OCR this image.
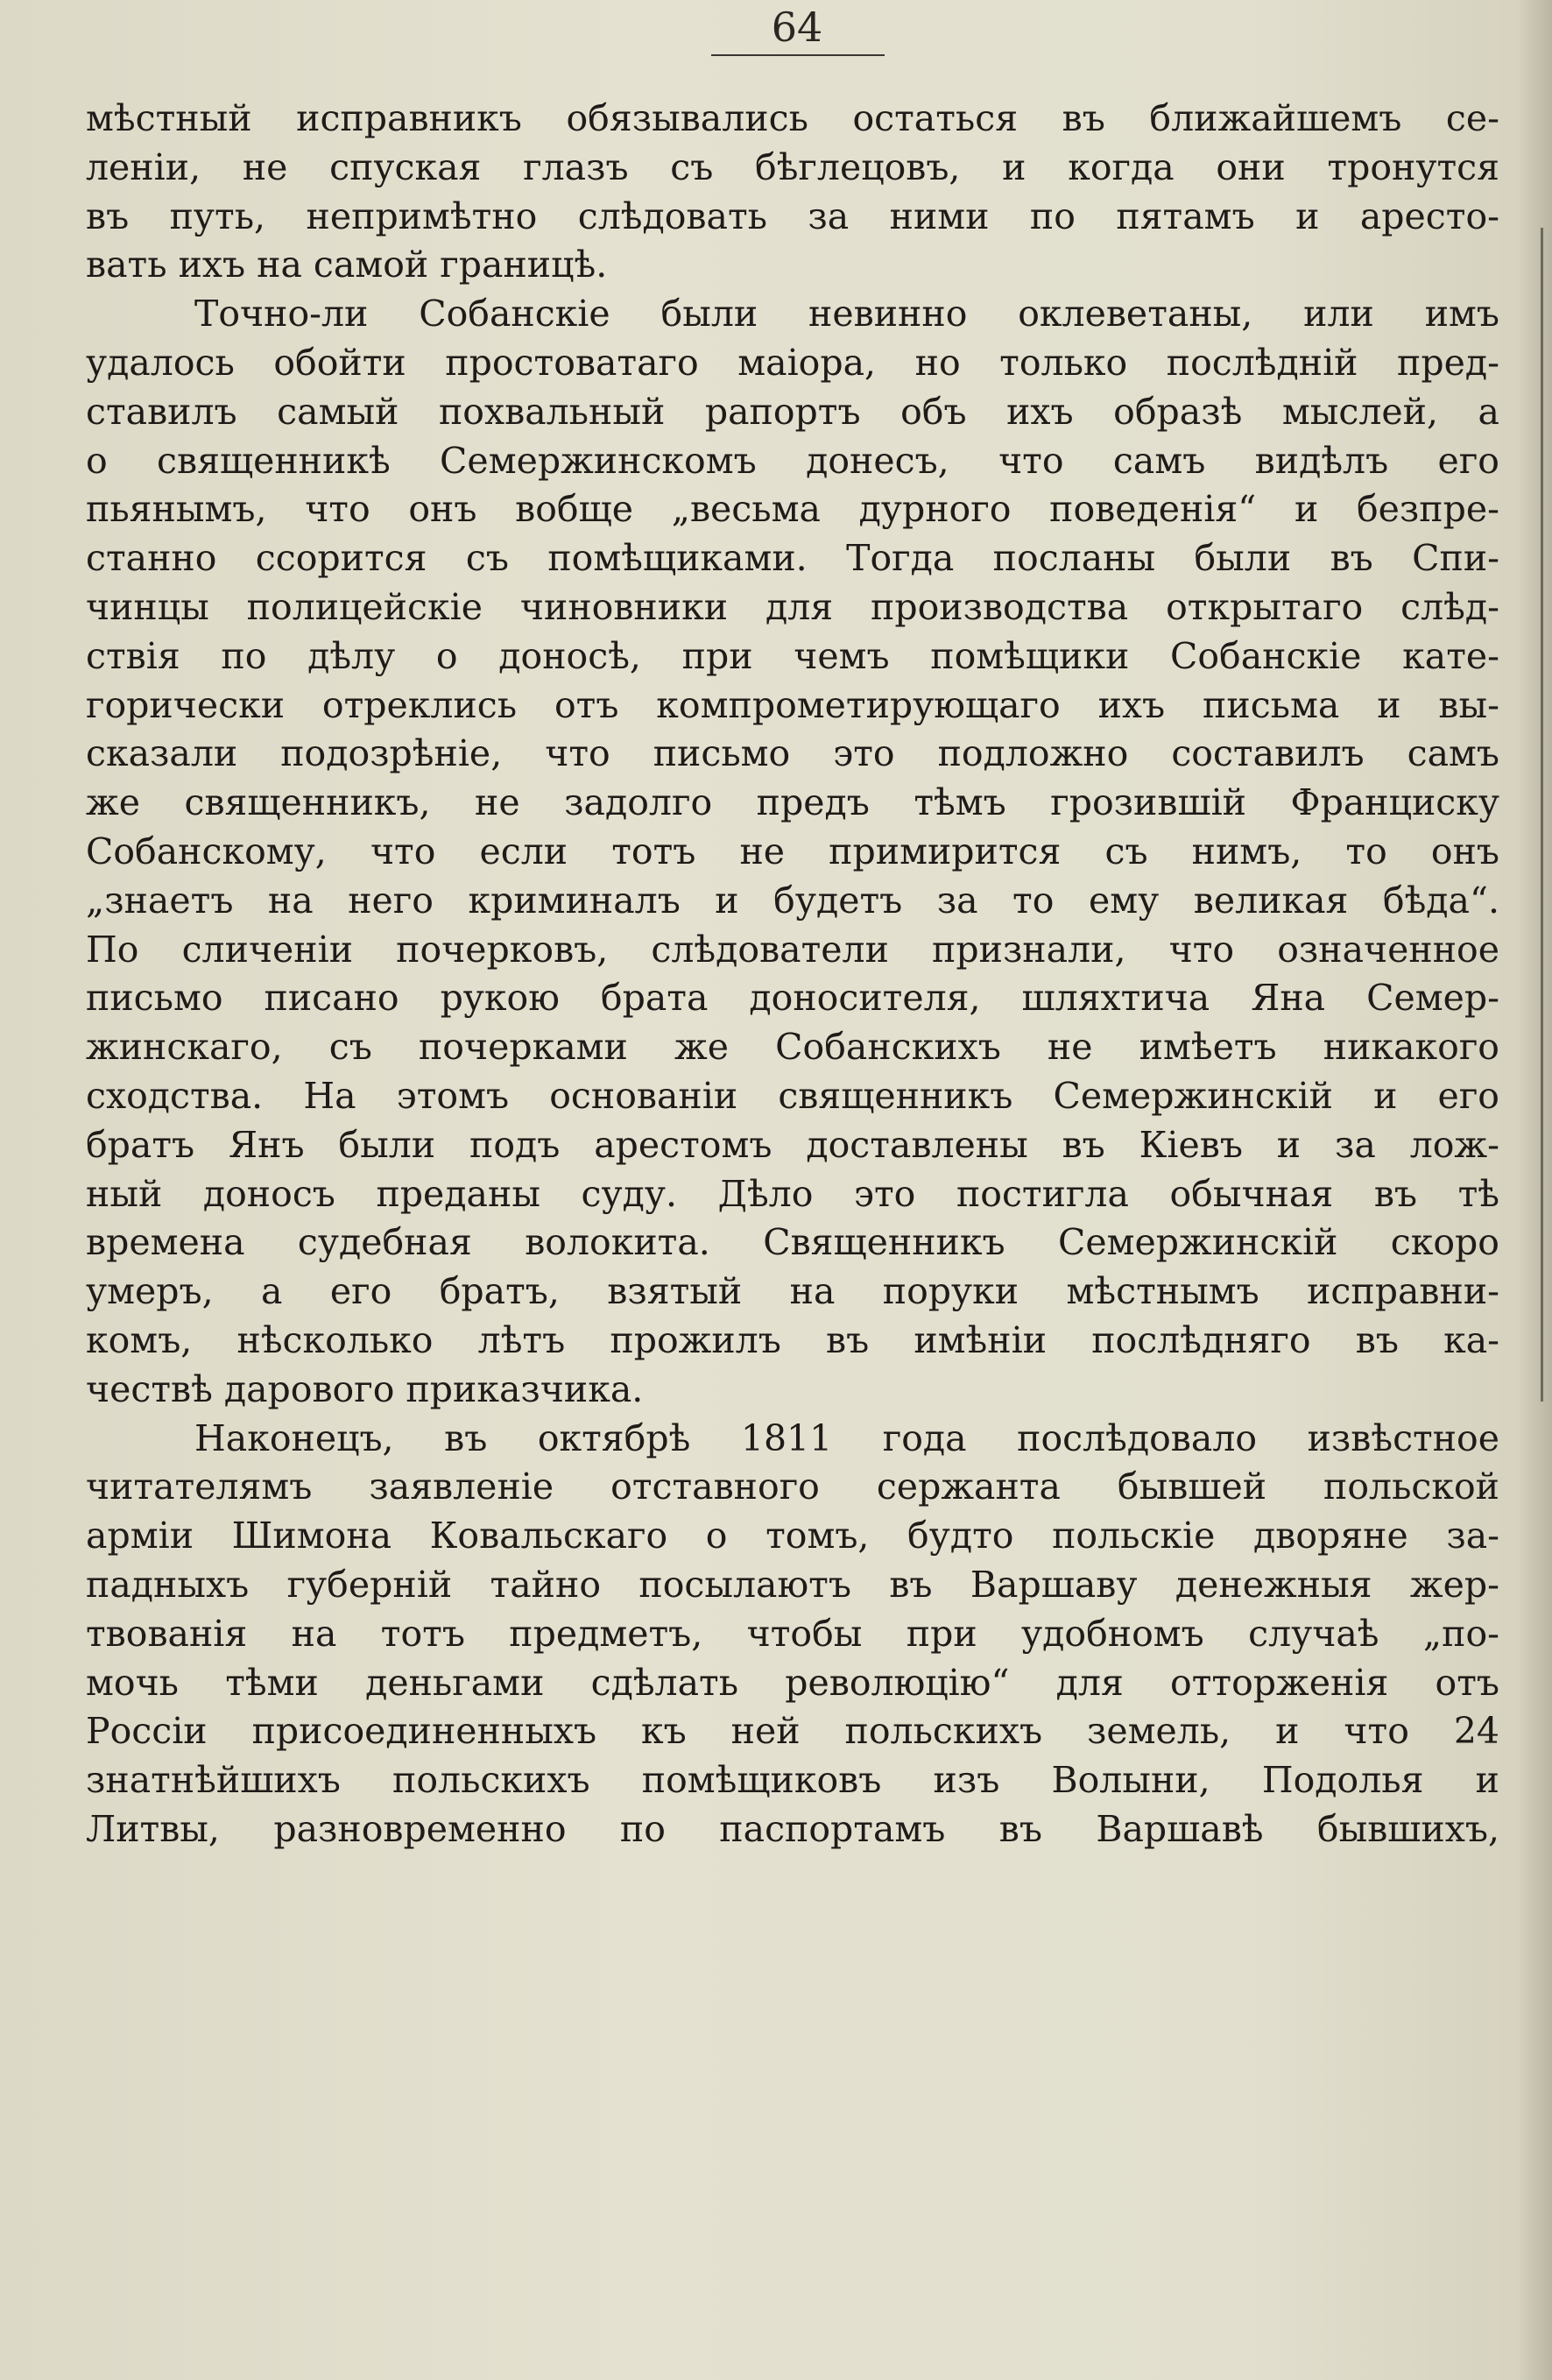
64
мѣстный исправникъ обязывались остаться въ ближайшемъ се-
леніи, не спуская глазъ съ бѣглецовъ, и когда они тронутся
въ путь, непримѣтно слѣдовать за ними по пятамъ и аресто-
вать ихъ на самой границѣ.
Точно-ли Собанскіе были невинно оклеветаны, или имъ
удалось обойти простоватаго маіора, но только послѣдній пред-
ставилъ самый похвальный рапортъ объ ихъ образѣ мыслей, а
о священникѣ Семержинскомъ донесъ, что самъ видѣлъ его
пьянымъ, что онъ вобще „весьма дурного поведенія“ и безпре-
станно ссорится съ помѣщиками. Тогда посланы были въ Спи-
чинцы полицейскіе чиновники для производства открытаго слѣд-
ствія по дѣлу о доносѣ, при чемъ помѣщики Собанскіе кате-
горически отреклись отъ компрометирующаго ихъ письма и вы-
сказали подозрѣніе, что письмо это подложно составилъ самъ
же священникъ, не задолго предъ тѣмъ грозившій Франциску
Собанскому, что если тотъ не примирится съ нимъ, то онъ
„знаетъ на него криминалъ и будетъ за то ему великая бѣда“.
По сличеніи почерковъ, слѣдователи признали, что означенное
письмо писано рукою брата доносителя, шляхтича Яна Семер-
жинскаго, съ почерками же Собанскихъ не имѣетъ никакого
сходства. На этомъ основаніи священникъ Семержинскій и его
братъ Янъ были подъ арестомъ доставлены въ Кіевъ и за лож-
ный доносъ преданы суду. Дѣло это постигла обычная въ тѣ
времена судебная волокита. Священникъ Семержинскій скоро
умеръ, а его братъ, взятый на поруки мѣстнымъ исправни-
комъ, нѣсколько лѣтъ прожилъ въ имѣніи послѣдняго въ ка-
чествѣ дарового приказчика.
Наконецъ, въ октябрѣ 1811 года послѣдовало извѣстное
читателямъ заявленіе отставного сержанта бывшей польской
арміи Шимона Ковальскаго о томъ, будто польскіе дворяне за-
падныхъ губерній тайно посылаютъ въ Варшаву денежныя жер-
твованія на тотъ предметъ, чтобы при удобномъ случаѣ „по-
мочь тѣми деньгами сдѣлать революцію“ для отторженія отъ
Россіи присоединенныхъ къ ней польскихъ земель, и что 24
знатнѣйшихъ польскихъ помѣщиковъ изъ Волыни, Подолья и
Литвы, разновременно по паспортамъ въ Варшавѣ бывшихъ,
